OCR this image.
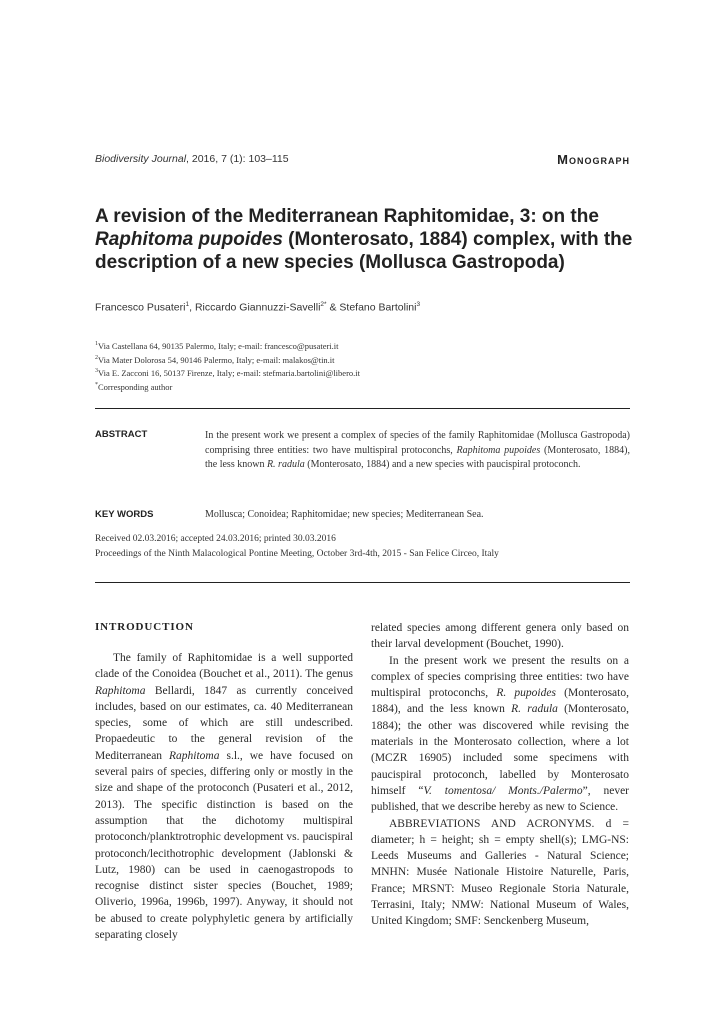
Biodiversity Journal, 2016, 7 (1): 103–115	Monograph
A revision of the Mediterranean Raphitomidae, 3: on the Raphitoma pupoides (Monterosato, 1884) complex, with the description of a new species (Mollusca Gastropoda)
Francesco Pusateri$^1$, Riccardo Giannuzzi-Savelli$^{2*}$ & Stefano Bartolini$^3$
$^1$Via Castellana 64, 90135 Palermo, Italy; e-mail: francesco@pusateri.it
$^2$Via Mater Dolorosa 54, 90146 Palermo, Italy; e-mail: malakos@tin.it
$^3$Via E. Zacconi 16, 50137 Firenze, Italy; e-mail: stefmaria.bartolini@libero.it
*Corresponding author
ABSTRACT	In the present work we present a complex of species of the family Raphitomidae (Mollusca Gastropoda) comprising three entities: two have multispiral protoconchs, Raphitoma pupoides (Monterosato, 1884), the less known R. radula (Monterosato, 1884) and a new species with paucispiral protoconch.
KEY WORDS	Mollusca; Conoidea; Raphitomidae; new species; Mediterranean Sea.
Received 02.03.2016; accepted 24.03.2016; printed 30.03.2016
Proceedings of the Ninth Malacological Pontine Meeting, October 3rd-4th, 2015 - San Felice Circeo, Italy
INTRODUCTION

The family of Raphitomidae is a well supported clade of the Conoidea (Bouchet et al., 2011). The genus Raphitoma Bellardi, 1847 as currently conceived includes, based on our estimates, ca. 40 Mediterranean species, some of which are still undescribed. Propaedeutic to the general revision of the Mediterranean Raphitoma s.l., we have focused on several pairs of species, differing only or mostly in the size and shape of the protoconch (Pusateri et al., 2012, 2013). The specific distinction is based on the assumption that the dichotomy multispiral protoconch/planktrotrophic development vs. paucispiral protoconch/lecithotrophic development (Jablonski & Lutz, 1980) can be used in caenogastropods to recognise distinct sister species (Bouchet, 1989; Oliverio, 1996a, 1996b, 1997). Anyway, it should not be abused to create polyphyletic genera by artificially separating closely

related species among different genera only based on their larval development (Bouchet, 1990).

In the present work we present the results on a complex of species comprising three entities: two have multispiral protoconchs, R. pupoides (Monterosato, 1884), and the less known R. radula (Monterosato, 1884); the other was discovered while revising the materials in the Monterosato collection, where a lot (MCZR 16905) included some specimens with paucispiral protoconch, labelled by Monterosato himself “V. tomentosa/ Monts./Palermo”, never published, that we describe hereby as new to Science.

ABBREVIATIONS AND ACRONYMS. d = diameter; h = height; sh = empty shell(s); LMG-NS: Leeds Museums and Galleries - Natural Science; MNHN: Musée Nationale Histoire Naturelle, Paris, France; MRSNT: Museo Regionale Storia Naturale, Terrasini, Italy; NMW: National Museum of Wales, United Kingdom; SMF: Senckenberg Museum,
